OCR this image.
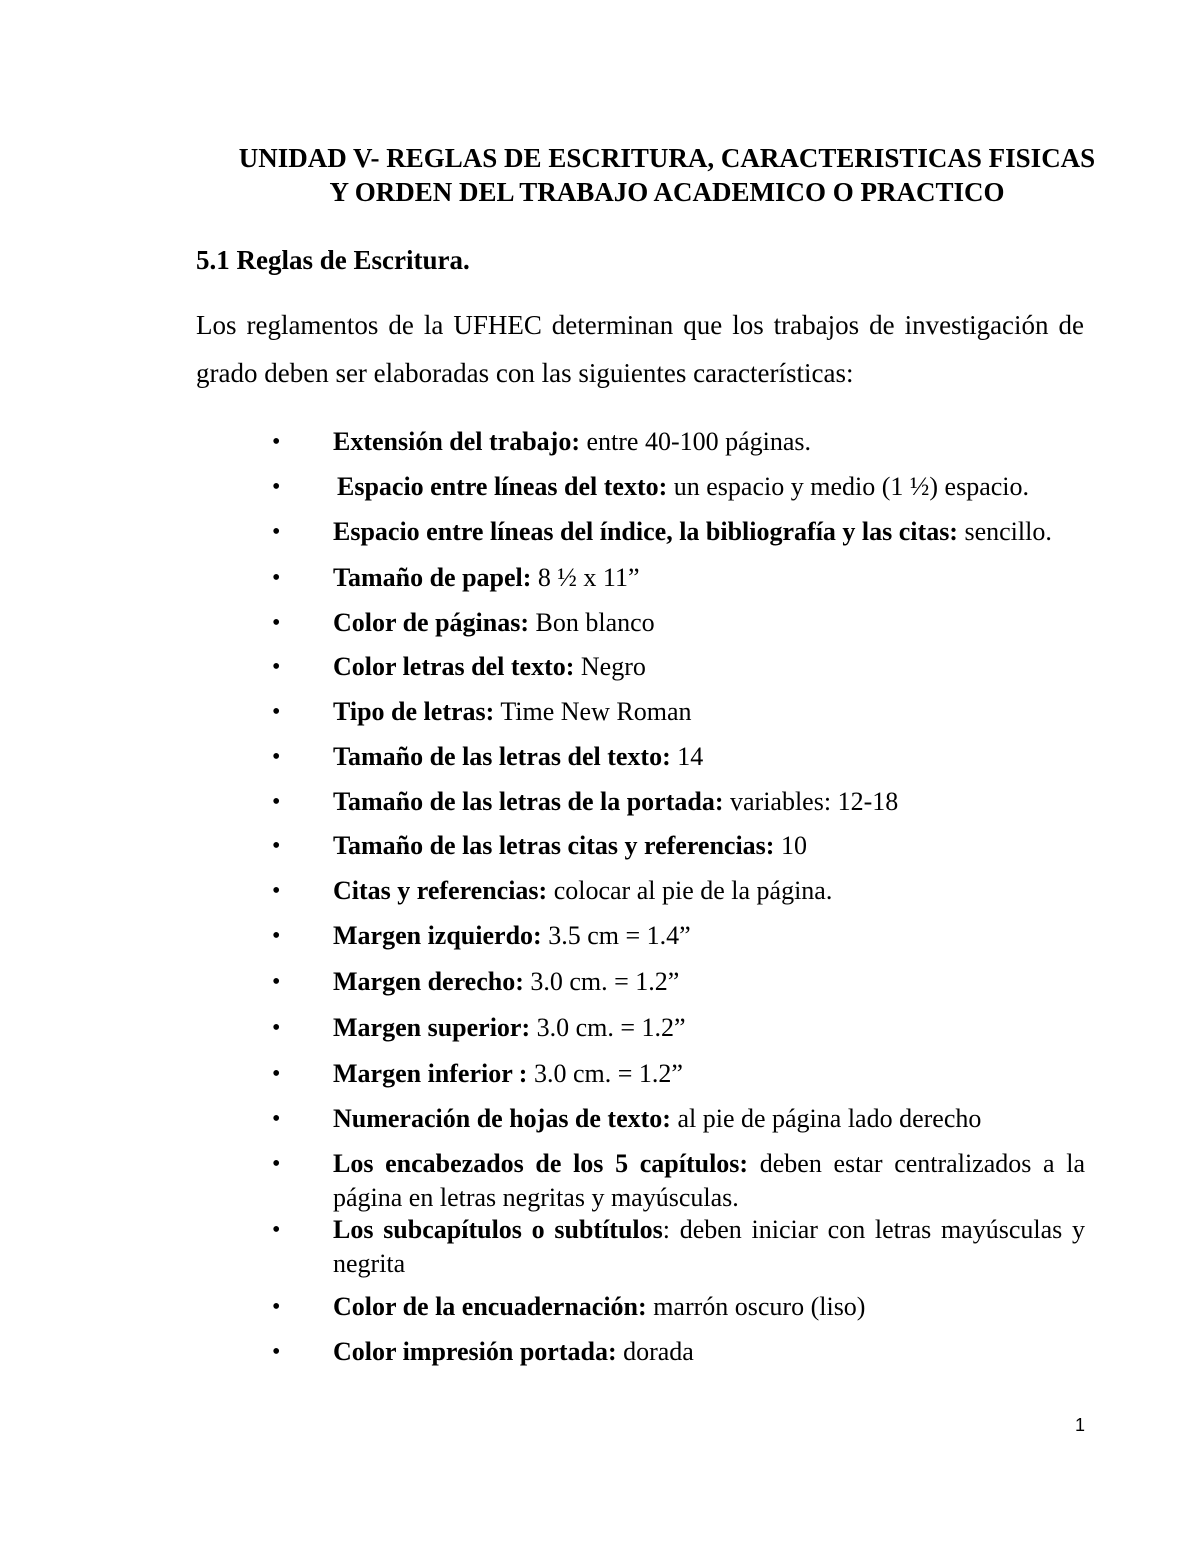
UNIDAD V- REGLAS DE ESCRITURA, CARACTERISTICAS FISICAS
Y ORDEN DEL TRABAJO ACADEMICO O PRACTICO
5.1 Reglas de Escritura.

Los reglamentos de la UFHEC determinan que los trabajos de investigación de

grado deben ser elaboradas con las siguientes características:

• Extensión del trabajo: entre 40-100 páginas.
• Espacio entre líneas del texto: un espacio y medio (1 ½) espacio.
• Espacio entre líneas del índice, la bibliografía y las citas: sencillo.
• Tamaño de papel: 8 ½ x 11”
• Color de páginas: Bon blanco
• Color letras del texto: Negro
• Tipo de letras: Time New Roman
• Tamaño de las letras del texto: 14
• Tamaño de las letras de la portada: variables: 12-18
• Tamaño de las letras citas y referencias: 10
• Citas y referencias: colocar al pie de la página.
• Margen izquierdo: 3.5 cm = 1.4”
• Margen derecho: 3.0 cm. = 1.2”
• Margen superior: 3.0 cm. = 1.2”
• Margen inferior : 3.0 cm. = 1.2”
• Numeración de hojas de texto: al pie de página lado derecho
• Los encabezados de los 5 capítulos: deben estar centralizados a la página en letras negritas y mayúsculas.
• Los subcapítulos o subtítulos: deben iniciar con letras mayúsculas y negrita
• Color de la encuadernación: marrón oscuro (liso)
• Color impresión portada: dorada
1
